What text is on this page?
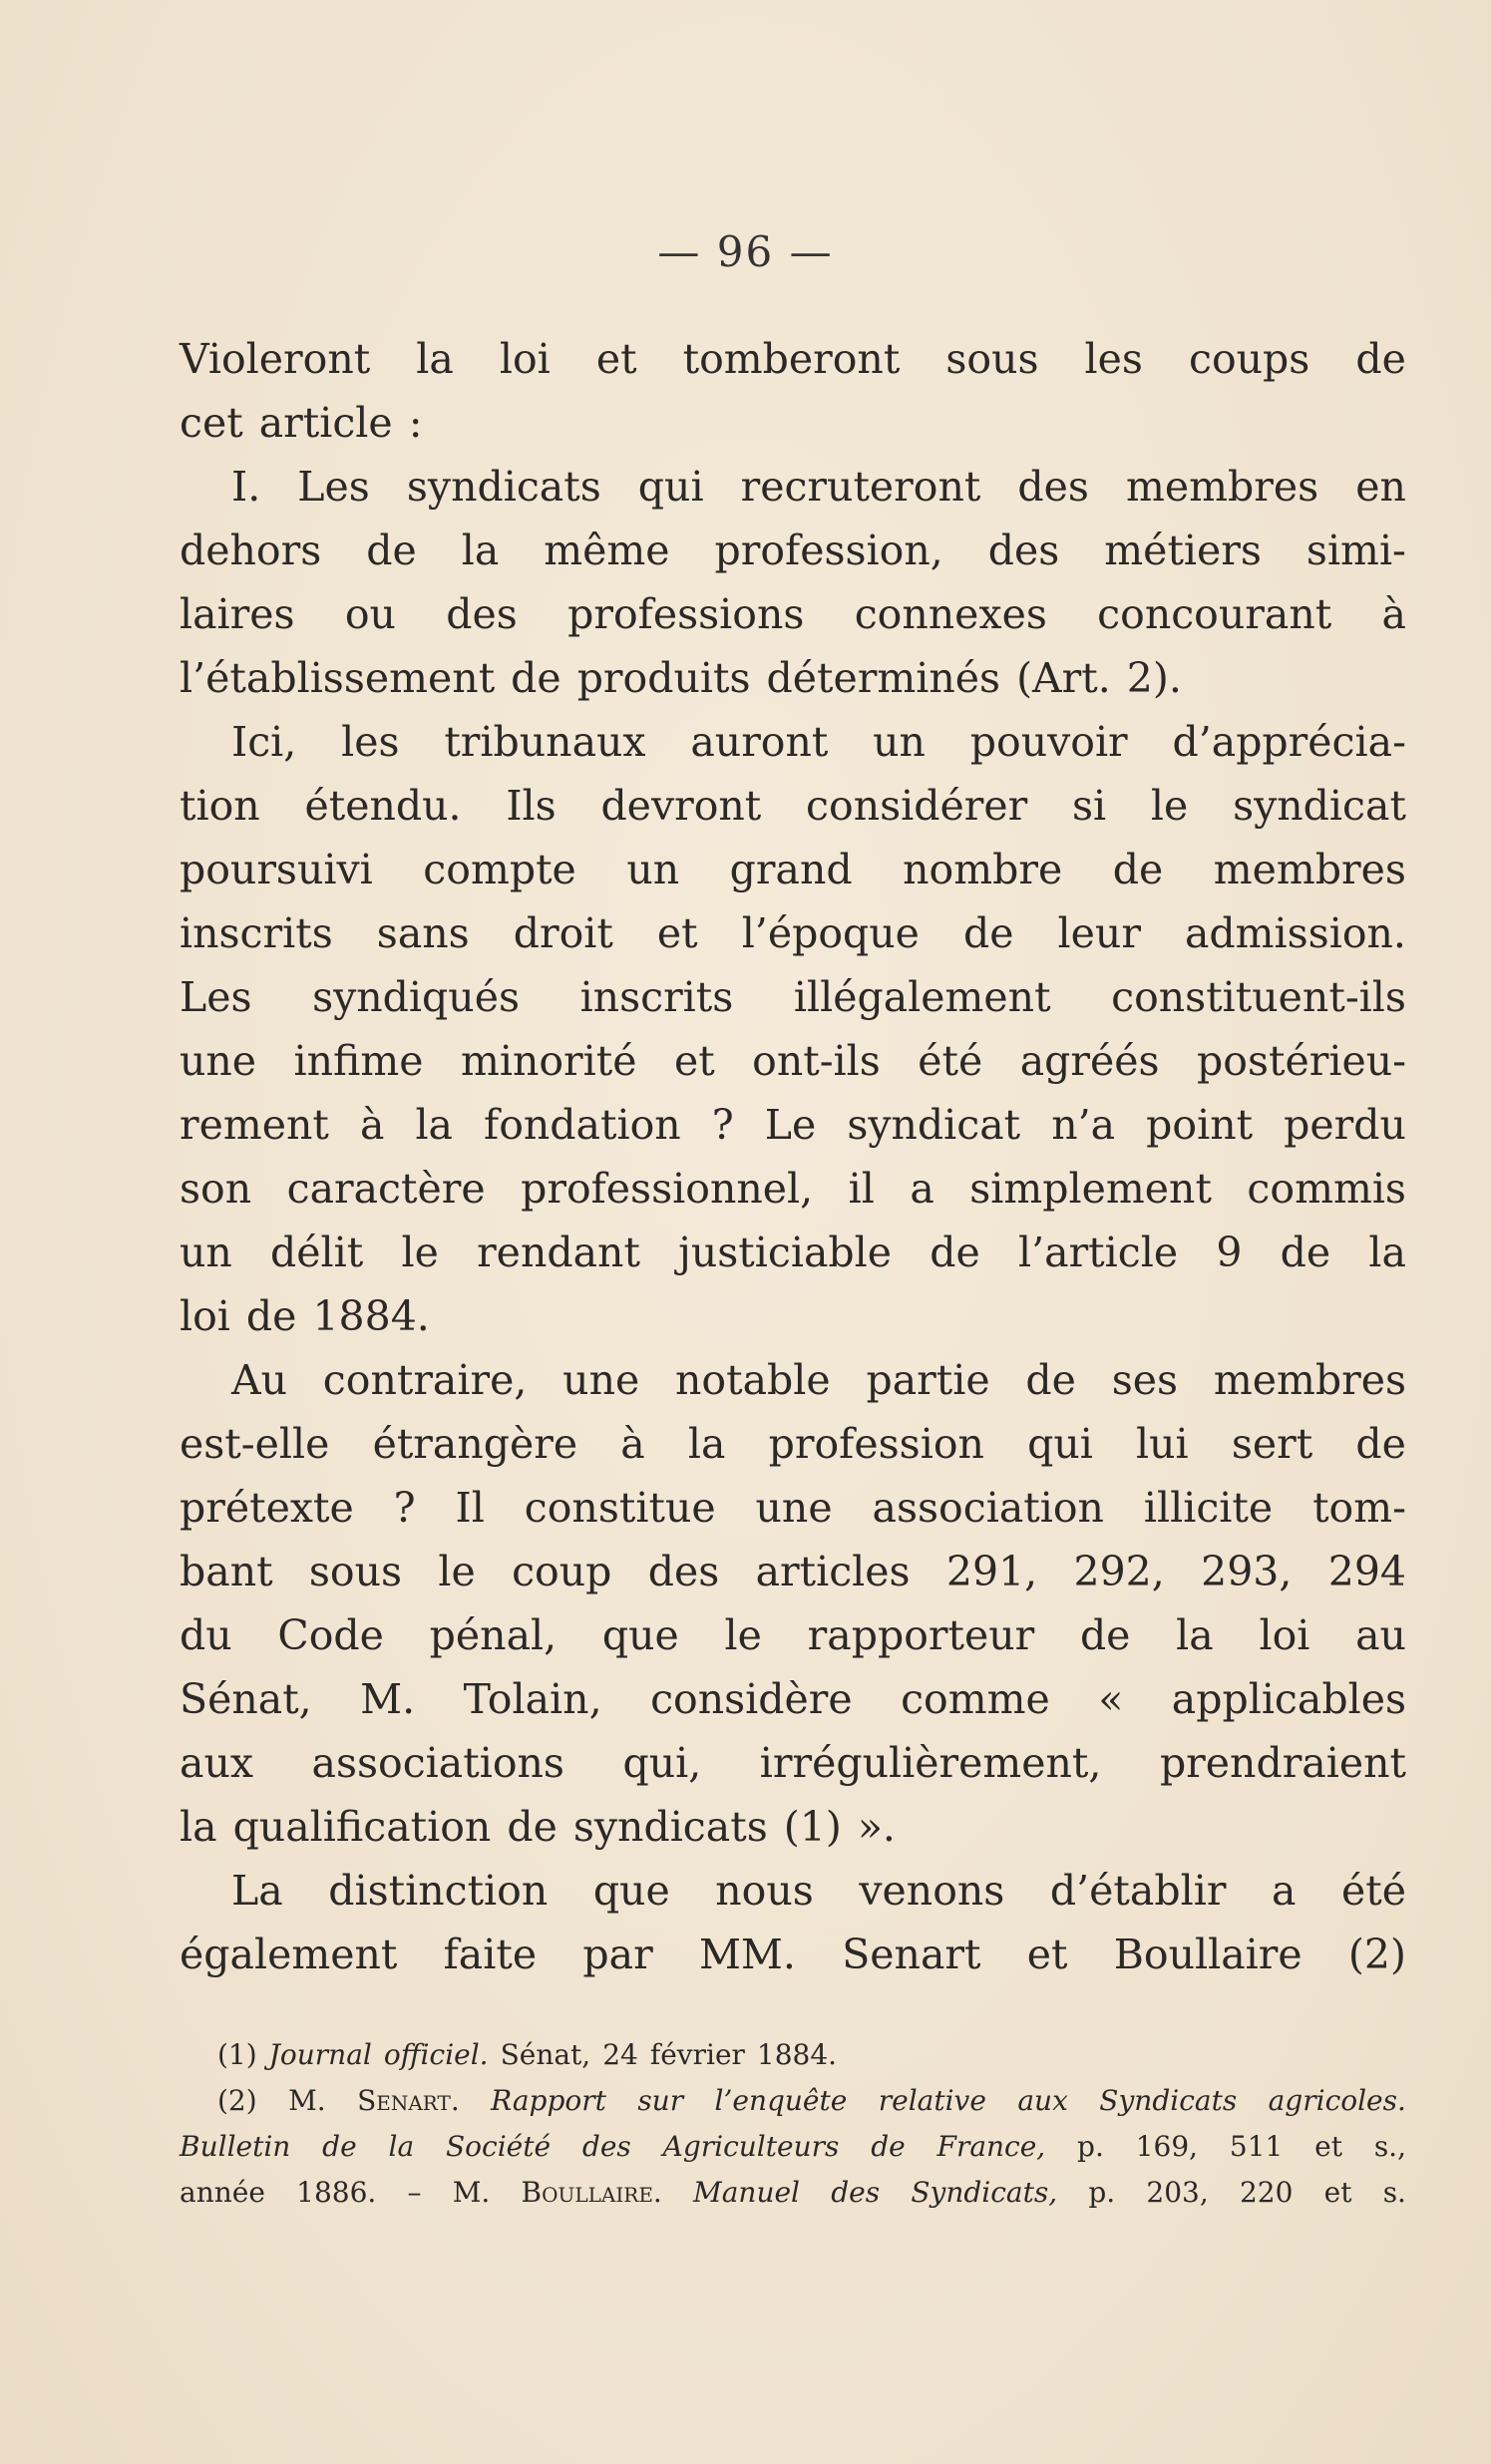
— 96 —
Violeront la loi et tomberont sous les coups de
cet article :
I. Les syndicats qui recruteront des membres en
dehors de la même profession, des métiers simi-
laires ou des professions connexes concourant à
l’établissement de produits déterminés (Art. 2).
Ici, les tribunaux auront un pouvoir d’apprécia-
tion étendu. Ils devront considérer si le syndicat
poursuivi compte un grand nombre de membres
inscrits sans droit et l’époque de leur admission.
Les syndiqués inscrits illégalement constituent-ils
une infime minorité et ont-ils été agréés postérieu-
rement à la fondation ? Le syndicat n’a point perdu
son caractère professionnel, il a simplement commis
un délit le rendant justiciable de l’article 9 de la
loi de 1884.
Au contraire, une notable partie de ses membres
est-elle étrangère à la profession qui lui sert de
prétexte ? Il constitue une association illicite tom-
bant sous le coup des articles 291, 292, 293, 294
du Code pénal, que le rapporteur de la loi au
Sénat, M. Tolain, considère comme « applicables
aux associations qui, irrégulièrement, prendraient
la qualification de syndicats (1) ».
La distinction que nous venons d’établir a été
également faite par MM. Senart et Boullaire (2)
(1) Journal officiel. Sénat, 24 février 1884.
(2) M. Senart. Rapport sur l’enquête relative aux Syndicats agricoles.
Bulletin de la Société des Agriculteurs de France, p. 169, 511 et s.,
année 1886. – M. Boullaire. Manuel des Syndicats, p. 203, 220 et s.
